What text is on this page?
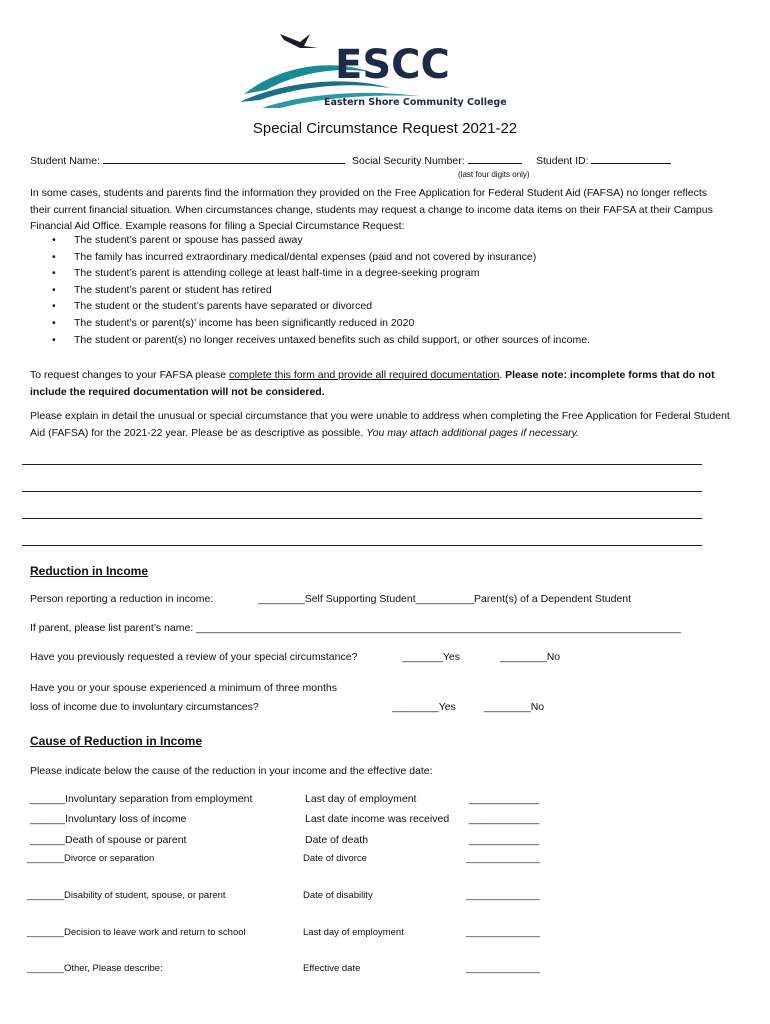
ESCC
Eastern Shore Community College
Special Circumstance Request 2021-22
Student Name:	Social Security Number:	Student ID:
(last four digits only)
In some cases, students and parents find the information they provided on the Free Application for Federal Student Aid (FAFSA) no longer reflects their current financial situation. When circumstances change, students may request a change to income data items on their FAFSA at their Campus Financial Aid Office. Example reasons for filing a Special Circumstance Request:
• The student’s parent or spouse has passed away
• The family has incurred extraordinary medical/dental expenses (paid and not covered by insurance)
• The student’s parent is attending college at least half-time in a degree-seeking program
• The student’s parent or student has retired
• The student or the student’s parents have separated or divorced
• The student’s or parent(s)’ income has been significantly reduced in 2020
• The student or parent(s) no longer receives untaxed benefits such as child support, or other sources of income.
To request changes to your FAFSA please complete this form and provide all required documentation. Please note: incomplete forms that do not include the required documentation will not be considered.
Please explain in detail the unusual or special circumstance that you were unable to address when completing the Free Application for Federal Student Aid (FAFSA) for the 2021-22 year. Please be as descriptive as possible. You may attach additional pages if necessary.
Reduction in Income
Person reporting a reduction in income:	________Self Supporting Student__________Parent(s) of a Dependent Student
If parent, please list parent’s name: ___________________________________________________________________________________
Have you previously requested a review of your special circumstance?	_______Yes	________No
Have you or your spouse experienced a minimum of three months
loss of income due to involuntary circumstances?	________Yes	________No
Cause of Reduction in Income
Please indicate below the cause of the reduction in your income and the effective date:
______Involuntary separation from employment	Last day of employment	____________
______Involuntary loss of income	Last date income was received ____________
______Death of spouse or parent	Date of death	____________
_______Divorce or separation	Date of divorce	______________
_______Disability of student, spouse, or parent	Date of disability	______________
_______Decision to leave work and return to school	Last day of employment	______________
_______Other, Please describe:	Effective date	______________
